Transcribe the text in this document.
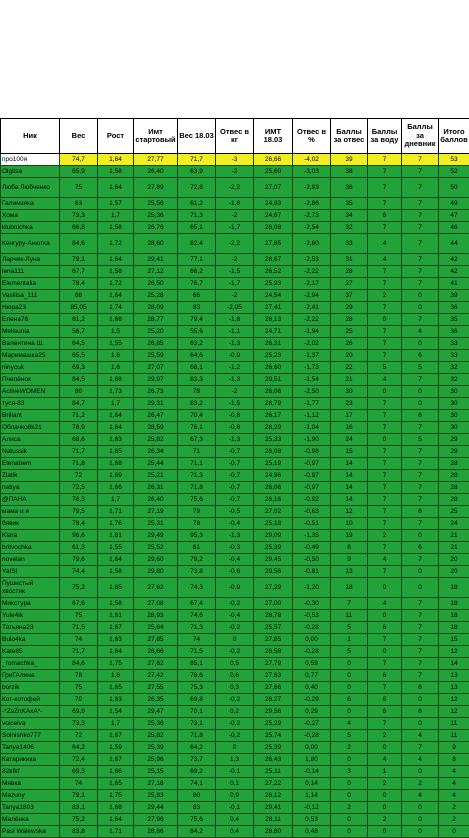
Ник	Вес	Рост	Имт стартовый	Вес 18.03	Отвес в кг	ИМТ 18.03	Отвес в %	Баллы за отвес	Баллы за воду	Баллы за дневник	Итого баллов
про100я	74,7	1,64	27,77	71,7	-3	26,66	-4,02	39	7	7	53
Olgitsa	65,9	1,58	26,40	63,9	-2	25,60	-3,03	38	7	7	52
Люба Любченко	75	1,64	27,89	72,8	-2,2	27,07	-2,93	36	7	7	50
Галимзяка	63	1,57	25,56	61,2	-1,8	24,83	-2,86	35	7	7	49
Хома	73,3	1,7	25,36	71,3	-2	24,67	-2,73	34	6	7	47
klubnichka	66,8	1,58	26,76	65,1	-1,7	26,08	-2,54	32	7	7	46
Кенгуру-Анютка	84,6	1,72	28,60	82,4	-2,2	27,85	-2,60	33	4	7	44
Ларчик-Луна	79,1	1,64	29,41	77,1	-2	28,67	-2,53	31	4	7	42
lena111	67,7	1,58	27,12	66,2	-1,5	26,52	-2,22	28	7	7	42
Elementalia	78,4	1,72	26,50	76,7	-1,7	25,93	-2,17	27	7	7	41
Vasilisa_111	68	1,64	25,28	66	-2	24,54	-2,94	37	2	0	39
Нюра23	85,05	1,74	28,09	83	-2,05	27,41	-2,41	29	7	0	36
Елена76	81,2	1,68	28,77	79,4	-1,8	28,13	-2,22	28	0	7	35
Melisunia	56,7	1,5	25,20	55,6	-1,1	24,71	-1,94	25	7	4	36
Валентина Ш.	64,5	1,55	26,85	63,2	-1,3	26,31	-2,02	26	7	0	33
Маримашка25	65,5	1,6	25,59	64,6	-0,9	25,23	-1,37	20	7	6	33
ninycuk	69,3	1,6	27,07	68,1	-1,2	26,60	-1,73	22	5	5	32
Пчелёнок	84,5	1,68	29,97	83,3	-1,3	29,51	-1,54	21	4	7	32
ActiveWOMEN	80	1,73	26,73	78	-2	26,06	-2,50	30	0	0	30
туся-83	84,7	1,7	29,31	83,2	-1,5	28,79	-1,77	23	7	0	30
Brillant	71,2	1,64	26,47	70,4	-0,8	26,17	-1,12	17	7	6	30
Облачко8k21	76,9	1,64	28,59	76,1	-0,8	28,29	-1,04	16	7	7	30
Алиса	68,6	1,63	25,82	67,3	-1,3	25,33	-1,90	24	0	5	29
Natussik	71,7	1,65	26,34	71	-0,7	26,08	-0,98	15	7	7	29
Elenabem	71,8	1,68	25,44	71,1	-0,7	25,19	-0,97	14	7	7	28
Zlatik	72	1,69	25,21	71,3	-0,7	24,96	-0,97	14	7	7	28
natiya	72,5	1,66	26,31	71,8	-0,7	26,06	-0,97	14	7	7	28
@ПАНА	76,3	1,7	26,40	75,6	-0,7	26,16	-0,92	14	7	7	28
мама и я	79,5	1,71	27,19	79	-0,5	27,02	-0,63	12	7	6	25
бявик	78,4	1,76	25,31	78	-0,4	25,18	-0,51	10	7	7	24
Klara	96,6	1,81	29,49	95,3	-1,3	29,09	-1,35	19	2	0	21
britvochka	61,3	1,55	25,52	61	-0,3	25,39	-0,49	8	7	6	21
novelan	79,6	1,64	29,60	79,2	-0,4	29,45	-0,50	9	4	7	20
YaISl	74,4	1,58	29,80	73,8	-0,6	29,56	-0,81	13	7	0	20
Пушистый хвостик	75,2	1,65	27,62	74,3	-0,9	27,29	-1,20	18	0	0	18
Микстура	67,6	1,58	27,08	67,4	-0,2	27,00	-0,30	7	4	7	18
Yule4ik	75	1,61	28,93	74,6	-0,4	28,78	-0,53	11	0	7	18
Татьяна23	71,5	1,67	25,64	71,3	-0,2	25,57	-0,28	5	6	7	18
Bulo4ka	74	1,63	27,85	74	0	27,85	0,00	1	7	7	15
Kate85	71,7	1,64	26,66	71,5	-0,2	26,58	-0,28	5	0	7	12
_romachka_	84,6	1,75	27,62	85,1	0,5	27,79	0,59	0	7	7	14
ГриГАлина	78	1,6	27,42	78,6	0,6	27,63	0,77	0	6	7	13
borzik	75	1,65	27,55	75,3	0,3	27,66	0,40	0	7	6	13
Кот-котофей	70	1,63	26,35	69,8	-0,2	26,27	-0,29	6	6	0	12
-*ZsZnKAxA*-	69,9	1,54	29,47	70,1	0,2	29,56	0,29	0	6	6	12
voiceiva	73,3	1,7	25,36	73,1	-0,2	25,29	-0,27	4	7	0	11
Solnishko777	72	1,67	25,82	71,8	-0,2	25,74	-0,28	5	2	4	11
Tanya1406	64,2	1,59	25,39	64,2	0	25,39	0,00	2	0	7	9
Катарикика	72,4	1,67	25,96	73,7	1,3	26,43	1,80	0	4	4	8
82kfkf	69,3	1,66	25,15	69,2	-0,1	25,11	-0,14	3	1	0	4
Мявка	74	1,65	27,18	74,1	0,1	27,22	0,14	0	2	2	4
Mazuny	79,1	1,75	25,83	80	0,9	26,12	1,14	0	0	4	4
Tanya1803	83,1	1,68	29,44	83	-0,1	29,41	-0,12	2	0	0	2
Малёнка	75,2	1,64	27,96	75,6	0,4	28,11	0,53	0	2	0	2
Pasl Walewska	83,8	1,71	28,66	84,2	0,4	28,80	0,48	0	0	0	0
